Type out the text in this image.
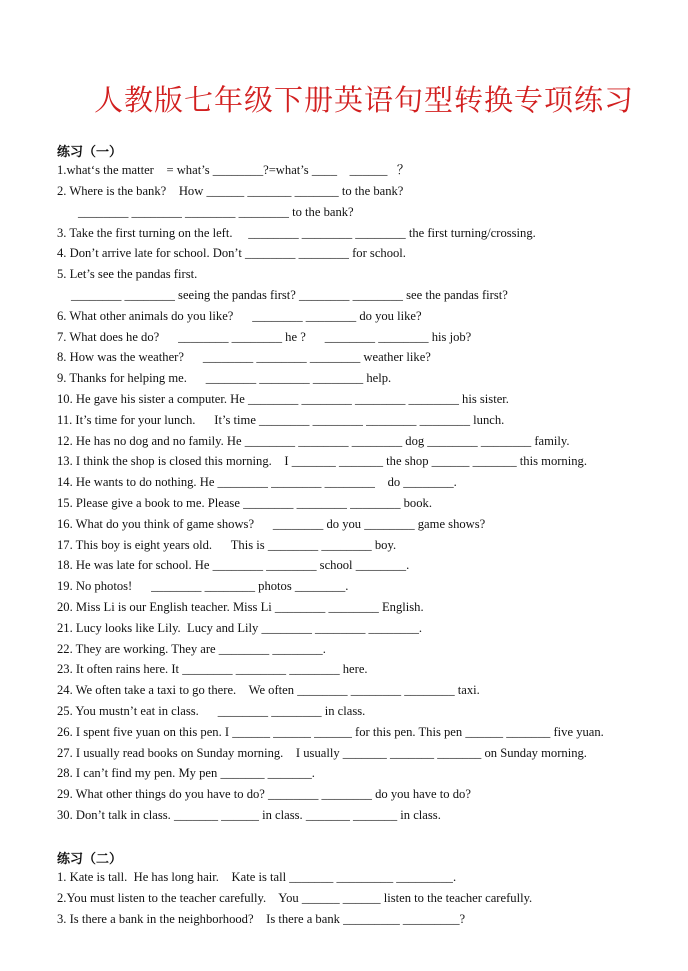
人教版七年级下册英语句型转换专项练习
练习（一）
1.what‘s the matter    = what’s ________?=what’s ____    ______   ？
2. Where is the bank?    How ______ _______ _______ to the bank?
________ ________ ________ ________ to the bank?
3. Take the first turning on the left.     ________ ________ ________ the first turning/crossing.
4. Don’t arrive late for school. Don’t ________ ________ for school.
5. Let’s see the pandas first.
________ ________ seeing the pandas first? ________ ________ see the pandas first?
6. What other animals do you like?      ________ ________ do you like?
7. What does he do?      ________ ________ he ?      ________ ________ his job?
8. How was the weather?      ________ ________ ________ weather like?
9. Thanks for helping me.      ________ ________ ________ help.
10. He gave his sister a computer. He ________ ________ ________ ________ his sister.
11. It’s time for your lunch.      It’s time ________ ________ ________ ________ lunch.
12. He has no dog and no family. He ________ ________ ________ dog ________ ________ family.
13. I think the shop is closed this morning.    I _______ _______ the shop ______ _______ this morning.
14. He wants to do nothing. He ________ ________ ________    do ________.
15. Please give a book to me. Please ________ ________ ________ book.
16. What do you think of game shows?      ________ do you ________ game shows?
17. This boy is eight years old.      This is ________ ________ boy.
18. He was late for school. He ________ ________ school ________.
19. No photos!      ________ ________ photos ________.
20. Miss Li is our English teacher. Miss Li ________ ________ English.
21. Lucy looks like Lily.  Lucy and Lily ________ ________ ________.
22. They are working. They are ________ ________.
23. It often rains here. It ________ ________ ________ here.
24. We often take a taxi to go there.    We often ________ ________ ________ taxi.
25. You mustn’t eat in class.      ________ ________ in class.
26. I spent five yuan on this pen. I ______ ______ ______ for this pen. This pen ______ _______ five yuan.
27. I usually read books on Sunday morning.    I usually _______ _______ _______ on Sunday morning.
28. I can’t find my pen. My pen _______ _______.
29. What other things do you have to do? ________ ________ do you have to do?
30. Don’t talk in class. _______ ______ in class. _______ _______ in class.
练习（二）
1. Kate is tall.  He has long hair.    Kate is tall _______ _________ _________.
2.You must listen to the teacher carefully.    You ______ ______ listen to the teacher carefully.
3. Is there a bank in the neighborhood?    Is there a bank _________ _________?
